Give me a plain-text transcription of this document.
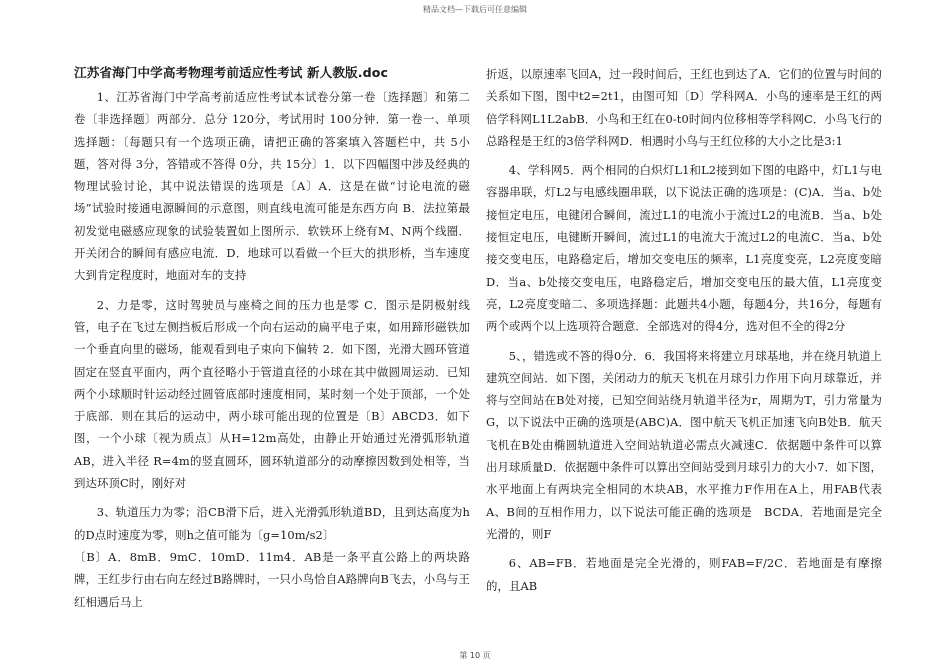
精品文档—下载后可任意编辑
江苏省海门中学高考物理考前适应性考试 新人教版.doc

1、江苏省海门中学高考前适应性考试本试卷分第一卷〔选择题〕和第二卷〔非选择题〕两部分．总分 120分，考试用时 100分钟．第一卷一、单项选择题：〔每题只有一个选项正确，请把正确的答案填入答题栏中，共 5小题，答对得 3分，答错或不答得 0分，共 15分〕1．以下四幅图中涉及经典的物理试验讨论，其中说法错误的选项是〔A〕A．这是在做“讨论电流的磁场”试验时接通电源瞬间的示意图，则直线电流可能是东西方向 B．法拉第最初发觉电磁感应现象的试验装置如上图所示．软铁环上绕有M、N两个线圈．开关闭合的瞬间有感应电流．D．地球可以看做一个巨大的拱形桥，当车速度大到肯定程度时，地面对车的支持

2、力是零，这时驾驶员与座椅之间的压力也是零 C．图示是阴极射线管，电子在飞过左侧挡板后形成一个向右运动的扁平电子束，如用蹄形磁铁加一个垂直向里的磁场，能观看到电子束向下偏转 2．如下图，光滑大圆环管道固定在竖直平面内，两个直径略小于管道直径的小球在其中做圆周运动．已知两个小球顺时针运动经过圆管底部时速度相同，某时刻一个处于顶部，一个处于底部．则在其后的运动中，两小球可能出现的位置是〔B〕ABCD3．如下图，一个小球〔视为质点〕从H=12m高处，由静止开始通过光滑弧形轨道AB，进入半径 R=4m的竖直圆环，圆环轨道部分的动摩擦因数到处相等，当到达环顶C时，刚好对

3、轨道压力为零；沿CB滑下后，进入光滑弧形轨道BD，且到达高度为h的D点时速度为零，则h之值可能为〔g=10m/s2〕

〔B〕A．8mB．9mC．10mD．11m4．AB是一条平直公路上的两块路牌，王红步行由右向左经过B路牌时，一只小鸟恰自A路牌向B飞去，小鸟与王红相遇后马上

折返，以原速率飞回A，过一段时间后，王红也到达了A．它们的位置与时间的关系如下图，图中t2=2t1，由图可知〔D〕学科网A．小鸟的速率是王红的两倍学科网L1L2abB．小鸟和王红在0-t0时间内位移相等学科网C．小鸟飞行的总路程是王红的3倍学科网D．相遇时小鸟与王红位移的大小之比是3:1

4、学科网5．两个相同的白炽灯L1和L2接到如下图的电路中，灯L1与电容器串联，灯L2与电感线圈串联，以下说法正确的选项是：(C)A．当a、b处接恒定电压，电键闭合瞬间，流过L1的电流小于流过L2的电流B．当a、b处接恒定电压，电键断开瞬间，流过L1的电流大于流过L2的电流C．当a、b处接交变电压，电路稳定后，增加交变电压的频率，L1亮度变亮，L2亮度变暗D．当a、b处接交变电压，电路稳定后，增加交变电压的最大值，L1亮度变亮，L2亮度变暗二、多项选择题：此题共4小题，每题4分，共16分，每题有两个或两个以上选项符合题意．全部选对的得4分，选对但不全的得2分

5、，错选或不答的得0分．6．我国将来将建立月球基地，并在绕月轨道上建筑空间站．如下图，关闭动力的航天飞机在月球引力作用下向月球靠近，并将与空间站在B处对接，已知空间站绕月轨道半径为r，周期为T，引力常量为G，以下说法中正确的选项是(ABC)A．图中航天飞机正加速飞向B处B．航天飞机在B处由椭圆轨道进入空间站轨道必需点火减速C．依据题中条件可以算出月球质量D．依据题中条件可以算出空间站受到月球引力的大小7．如下图，水平地面上有两块完全相同的木块AB，水平推力F作用在A上，用FAB代表A、B间的互相作用力，以下说法可能正确的选项是　BCDA．若地面是完全光滑的，则F

6、AB=FB．若地面是完全光滑的，则FAB=F/2C．若地面是有摩擦的，且AB

第 10 页
